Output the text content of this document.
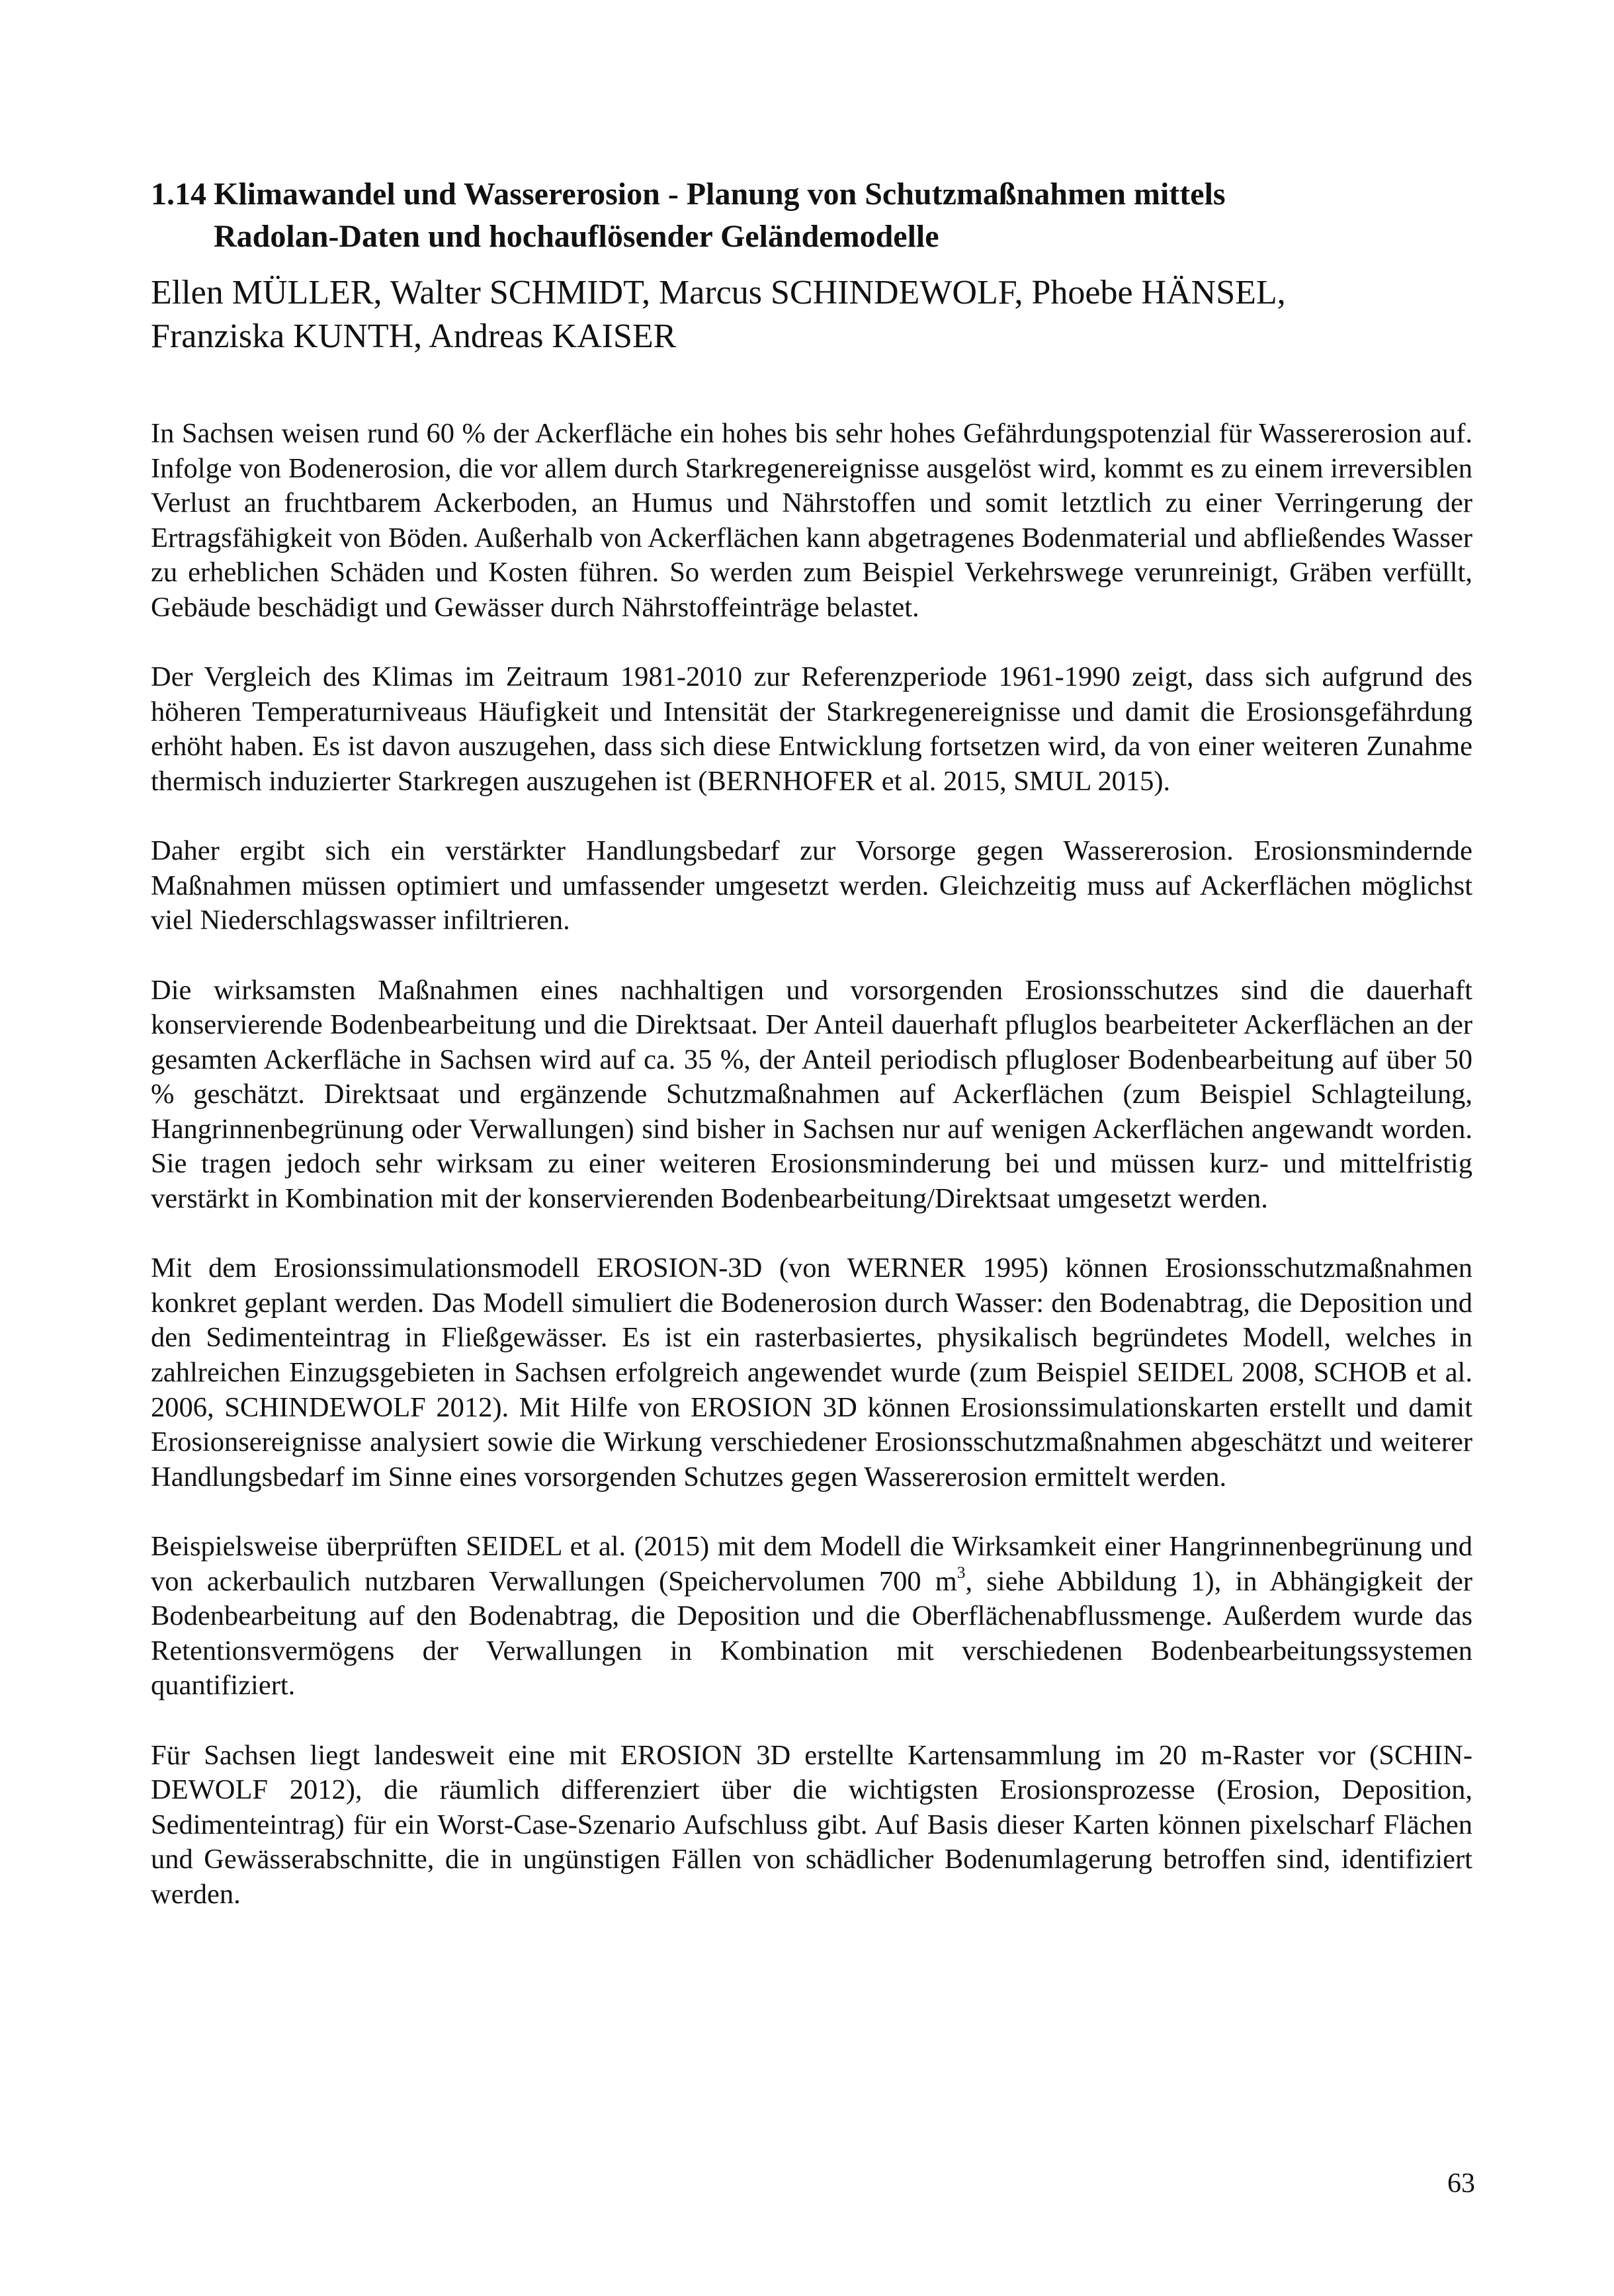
1.14 Klimawandel und Wassererosion - Planung von Schutzmaßnahmen mittels
Radolan-Daten und hochauflösender Geländemodelle
Ellen MÜLLER, Walter SCHMIDT, Marcus SCHINDEWOLF, Phoebe HÄNSEL,
Franziska KUNTH, Andreas KAISER

In Sachsen weisen rund 60 % der Ackerfläche ein hohes bis sehr hohes Gefährdungspotenzial für Wassererosion auf. Infolge von Bodenerosion, die vor allem durch Starkregenereignisse ausgelöst wird, kommt es zu einem irreversiblen Verlust an fruchtbarem Ackerboden, an Humus und Nährstoffen und somit letztlich zu einer Verringerung der Ertragsfähigkeit von Böden. Außerhalb von Ackerflächen kann abgetragenes Bodenmaterial und abfließendes Wasser zu erheblichen Schäden und Kosten führen. So werden zum Beispiel Verkehrswege verunreinigt, Gräben verfüllt, Gebäude beschädigt und Gewässer durch Nährstoffeinträge belastet.

Der Vergleich des Klimas im Zeitraum 1981-2010 zur Referenzperiode 1961-1990 zeigt, dass sich aufgrund des höheren Temperaturniveaus Häufigkeit und Intensität der Starkregenereignisse und damit die Erosionsgefährdung erhöht haben. Es ist davon auszugehen, dass sich diese Entwicklung fortsetzen wird, da von einer weiteren Zunahme thermisch induzierter Starkregen auszugehen ist (BERNHOFER et al. 2015, SMUL 2015).

Daher ergibt sich ein verstärkter Handlungsbedarf zur Vorsorge gegen Wassererosion. Erosionsmindernde Maßnahmen müssen optimiert und umfassender umgesetzt werden. Gleichzeitig muss auf Ackerflächen möglichst viel Niederschlagswasser infiltrieren.

Die wirksamsten Maßnahmen eines nachhaltigen und vorsorgenden Erosionsschutzes sind die dauerhaft konservierende Bodenbearbeitung und die Direktsaat. Der Anteil dauerhaft pfluglos bearbeiteter Ackerflächen an der gesamten Ackerfläche in Sachsen wird auf ca. 35 %, der Anteil periodisch pflugloser Bodenbearbeitung auf über 50 % geschätzt. Direktsaat und ergänzende Schutzmaßnahmen auf Ackerflächen (zum Beispiel Schlagteilung, Hangrinnenbegrünung oder Verwallungen) sind bisher in Sachsen nur auf wenigen Ackerflächen angewandt worden. Sie tragen jedoch sehr wirksam zu einer weiteren Erosionsminderung bei und müssen kurz- und mittelfristig verstärkt in Kombination mit der konservierenden Bodenbearbeitung/Direktsaat umgesetzt werden.

Mit dem Erosionssimulationsmodell EROSION-3D (von WERNER 1995) können Erosionsschutzmaßnahmen konkret geplant werden. Das Modell simuliert die Bodenerosion durch Wasser: den Bodenabtrag, die Deposition und den Sedimenteintrag in Fließgewässer. Es ist ein rasterbasiertes, physikalisch begründetes Modell, welches in zahlreichen Einzugsgebieten in Sachsen erfolgreich angewendet wurde (zum Beispiel SEIDEL 2008, SCHOB et al. 2006, SCHINDEWOLF 2012). Mit Hilfe von EROSION 3D können Erosionssimulationskarten erstellt und damit Erosionsereignisse analysiert sowie die Wirkung verschiedener Erosionsschutzmaßnahmen abgeschätzt und weiterer Handlungsbedarf im Sinne eines vorsorgenden Schutzes gegen Wassererosion ermittelt werden.

Beispielsweise überprüften SEIDEL et al. (2015) mit dem Modell die Wirksamkeit einer Hangrinnenbegrünung und von ackerbaulich nutzbaren Verwallungen (Speichervolumen 700 $m^3$, siehe Abbildung 1), in Abhängigkeit der Bodenbearbeitung auf den Bodenabtrag, die Deposition und die Oberflächenabflussmenge. Außerdem wurde das Retentionsvermögens der Verwallungen in Kombination mit verschiedenen Bodenbearbeitungssystemen quantifiziert.

Für Sachsen liegt landesweit eine mit EROSION 3D erstellte Kartensammlung im 20 m-Raster vor (SCHINDEWOLF 2012), die räumlich differenziert über die wichtigsten Erosionsprozesse (Erosion, Deposition, Sedimenteintrag) für ein Worst-Case-Szenario Aufschluss gibt. Auf Basis dieser Karten können pixelscharf Flächen und Gewässerabschnitte, die in ungünstigen Fällen von schädlicher Bodenumlagerung betroffen sind, identifiziert werden.

63
